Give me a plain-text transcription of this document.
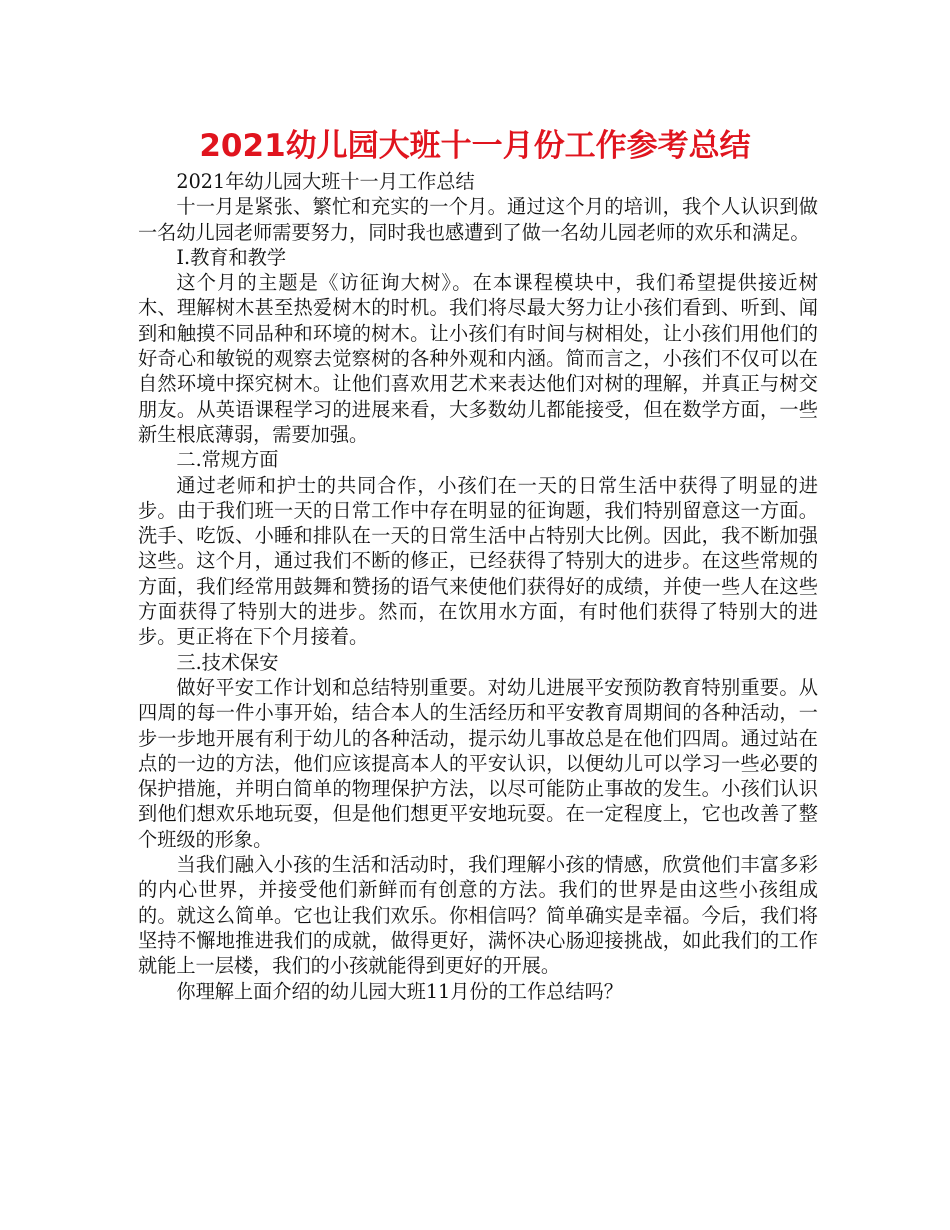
2021幼儿园大班十一月份工作参考总结

2021年幼儿园大班十一月工作总结

十一月是紧张、繁忙和充实的一个月。通过这个月的培训，我个人认识到做一名幼儿园老师需要努力，同时我也感遭到了做一名幼儿园老师的欢乐和满足。

Ⅰ.教育和教学

这个月的主题是《访征询大树》。在本课程模块中，我们希望提供接近树木、理解树木甚至热爱树木的时机。我们将尽最大努力让小孩们看到、听到、闻到和触摸不同品种和环境的树木。让小孩们有时间与树相处，让小孩们用他们的好奇心和敏锐的观察去觉察树的各种外观和内涵。简而言之，小孩们不仅可以在自然环境中探究树木。让他们喜欢用艺术来表达他们对树的理解，并真正与树交朋友。从英语课程学习的进展来看，大多数幼儿都能接受，但在数学方面，一些新生根底薄弱，需要加强。

二.常规方面

通过老师和护士的共同合作，小孩们在一天的日常生活中获得了明显的进步。由于我们班一天的日常工作中存在明显的征询题，我们特别留意这一方面。洗手、吃饭、小睡和排队在一天的日常生活中占特别大比例。因此，我不断加强这些。这个月，通过我们不断的修正，已经获得了特别大的进步。在这些常规的方面，我们经常用鼓舞和赞扬的语气来使他们获得好的成绩，并使一些人在这些方面获得了特别大的进步。然而，在饮用水方面，有时他们获得了特别大的进步。更正将在下个月接着。

三.技术保安

做好平安工作计划和总结特别重要。对幼儿进展平安预防教育特别重要。从四周的每一件小事开始，结合本人的生活经历和平安教育周期间的各种活动，一步一步地开展有利于幼儿的各种活动，提示幼儿事故总是在他们四周。通过站在点的一边的方法，他们应该提高本人的平安认识，以便幼儿可以学习一些必要的保护措施，并明白简单的物理保护方法，以尽可能防止事故的发生。小孩们认识到他们想欢乐地玩耍，但是他们想更平安地玩耍。在一定程度上，它也改善了整个班级的形象。

当我们融入小孩的生活和活动时，我们理解小孩的情感，欣赏他们丰富多彩的内心世界，并接受他们新鲜而有创意的方法。我们的世界是由这些小孩组成的。就这么简单。它也让我们欢乐。你相信吗？简单确实是幸福。今后，我们将坚持不懈地推进我们的成就，做得更好，满怀决心肠迎接挑战，如此我们的工作就能上一层楼，我们的小孩就能得到更好的开展。

你理解上面介绍的幼儿园大班11月份的工作总结吗？
